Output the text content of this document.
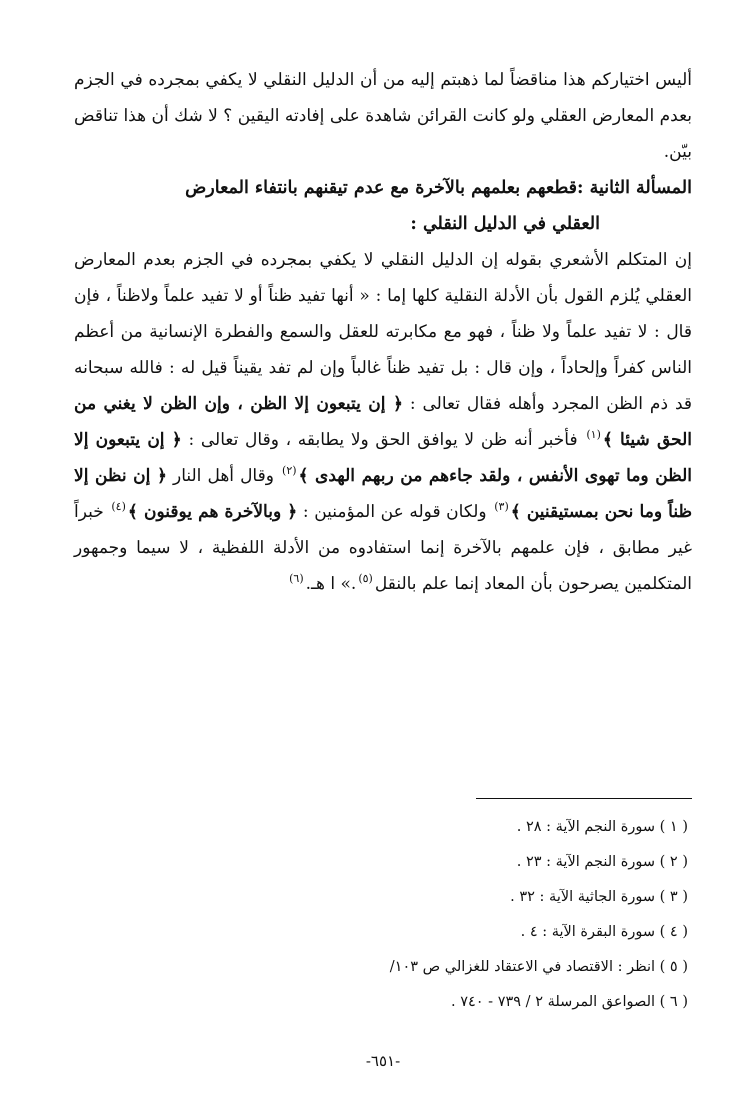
أليس اختياركم هذا مناقضاً لما ذهبتم إليه من أن الدليل النقلي لا يكفي بمجرده في الجزم بعدم المعارض العقلي ولو كانت القرائن شاهدة على إفادته اليقين ؟ لا شك أن هذا تناقض بيّن.

المسألة الثانية :قطعهم بعلمهم بالآخرة مع عدم تيقنهم بانتفاء المعارض
العقلي في الدليل النقلي :

إن المتكلم الأشعري بقوله إن الدليل النقلي لا يكفي بمجرده في الجزم بعدم المعارض العقلي يُلزم القول بأن الأدلة النقلية كلها إما : « أنها تفيد ظناً أو لا تفيد علماً ولاظناً ، فإن قال : لا تفيد علماً ولا ظناً ، فهو مع مكابرته للعقل والسمع والفطرة الإنسانية من أعظم الناس كفراً وإلحاداً ، وإن قال : بل تفيد ظناً غالباً وإن لم تفد يقيناً قيل له : فالله سبحانه قد ذم الظن المجرد وأهله فقال تعالى : ﴿ إن يتبعون إلا الظن ، وإن الظن لا يغني من الحق شيئا ﴾$^{(١)}$ فأخبر أنه ظن لا يوافق الحق ولا يطابقه ، وقال تعالى : ﴿ إن يتبعون إلا الظن وما تهوى الأنفس ، ولقد جاءهم من ربهم الهدى ﴾$^{(٢)}$ وقال أهل النار ﴿ إن نظن إلا ظناً وما نحن بمستيقنين ﴾$^{(٣)}$ ولكان قوله عن المؤمنين : ﴿ وبالآخرة هم يوقنون ﴾$^{(٤)}$ خبراً غير مطابق ، فإن علمهم بالآخرة إنما استفادوه من الأدلة اللفظية ، لا سيما وجمهور المتكلمين يصرحون بأن المعاد إنما علم بالنقل$^{(٥)}$.» ا هـ.$^{(٦)}$

( ١ ) سورة النجم الآية : ٢٨ .
( ٢ ) سورة النجم الآية : ٢٣ .
( ٣ ) سورة الجاثية الآية : ٣٢ .
( ٤ ) سورة البقرة الآية : ٤ .
( ٥ ) انظر : الاقتصاد في الاعتقاد للغزالي ص ١٠٣/
( ٦ ) الصواعق المرسلة ٢ / ٧٣٩ - ٧٤٠ .
-٦٥١-
